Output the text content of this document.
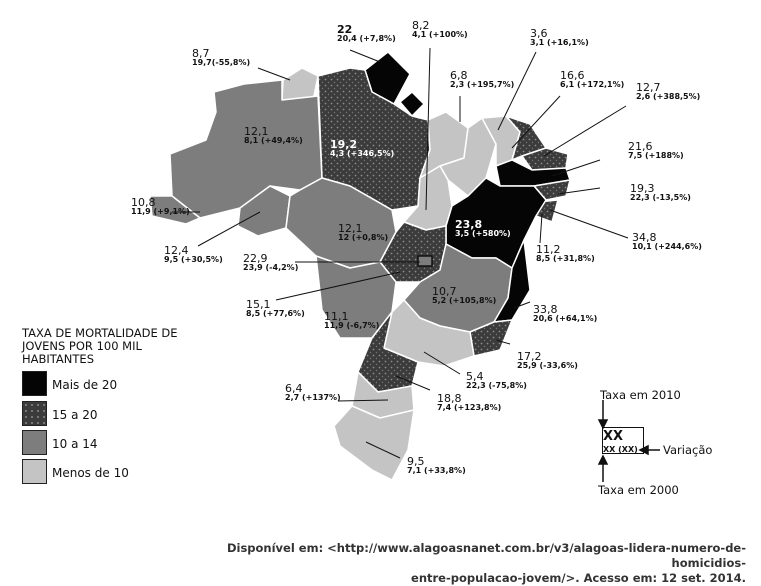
8,7
19,7(-55,8%)
22
20,4 (+7,8%)
8,2
4,1 (+100%)	3,6
3,1 (+16,1%)
6,8
2,3 (+195,7%)
16,6
6,1 (+172,1%) 12,7
2,6 (+388,5%)
12,1
8,1 (+49,4%) 19,2
4,3 (+346,5%)
21,6
7,5 (+188%)
19,3
22,3 (-13,5%)
10,8
11,9 (+9,1%)
23,8
3,5 (+580%)
12,1
12 (+0,8%)
12,4
9,5 (+30,5%)
34,8
10,1 (+244,6%)
22,9
23,9 (-4,2%)
11,2
8,5 (+31,8%)
10,7
5,2 (+105,8%)
15,1
8,5 (+77,6%) 11,1
11,9 (-6,7%)
33,8
20,6 (+64,1%)
17,2
25,9 (-33,6%)
5,4
22,3 (-75,8%)
18,8
7,4 (+123,8%)
6,4
2,7 (+137%)
9,5
7,1 (+33,8%)
TAXA DE MORTALIDADE DE JOVENS POR 100 MIL HABITANTES
Mais de 20
15 a 20
10 a 14
Menos de 10
Taxa em 2010
XX
XX (XX) Variação
Taxa em 2000
Disponível em: <http://www.alagoasnanet.com.br/v3/alagoas-lidera-numero-de-homicidios-
entre-populacao-jovem/>. Acesso em: 12 set. 2014.
